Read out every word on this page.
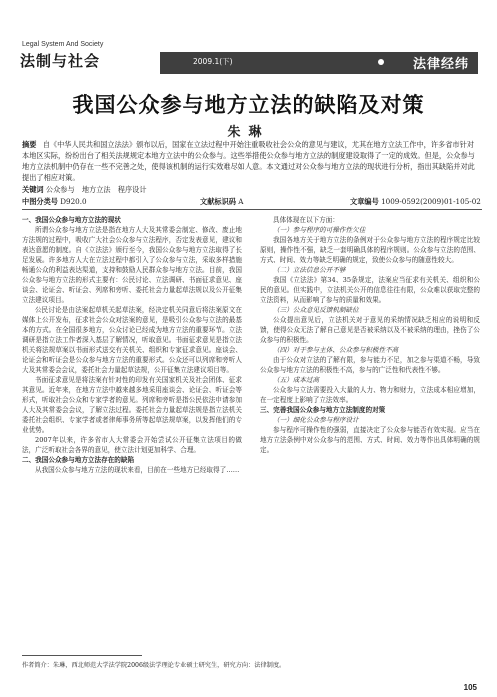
Legal System And Society
法制与社会	2009.1(下)	法律经纬
我国公众参与地方立法的缺陷及对策
朱琳
摘要 自《中华人民共和国立法法》颁布以后，国家在立法过程中开始注重吸收社会公众的意见与建议，尤其在地方立法工作中，许多省市针对本地区实际，纷纷出台了相关法规规定本地方立法中的公众参与。这些举措使公众参与地方立法的制度建设取得了一定的成效。但是，公众参与地方立法机制中仍存在一些不完善之处，使得该机制的运行实效难尽如人意。本文通过对公众参与地方立法的现状进行分析，指出其缺陷并对此提出了相应对策。
关键词 公众参与　地方立法　程序设计
中图分类号 D920.0	文献标识码 A	文章编号 1009-0592(2009)01-105-02

一、我国公众参与地方立法的现状

所谓公众参与地方立法是指在地方人大及其常委会制定、修改、废止地方法规的过程中，吸收广大社会公众参与立法程序，否定发表意见，建议和表达意愿的制度。自《立法法》颁行至今，我国公众参与地方立法取得了长足发展。许多地方人大在立法过程中都引入了公众参与立法，采取多样措施畅通公众的利益表达渠道，支持和鼓励人民群众参与地方立法。目前，我国公众参与地方立法的形式主要有：公民讨论、立法调研、书面征求意见、座谈会、论证会、听证会、列席和旁听、委托社会力量起草法规以及公开征集立法建议项目。

公民讨论是由法案起草机关起草法案，经决定机关同意后将法案原文在媒体上公开发布，征求社会公众对法案的意见，是吸引公众参与立法的最基本的方式。在全国很多地方，公众讨论已经成为地方立法的重要环节。立法调研是指立法工作者深入基层了解情况，听取意见。书面征求意见是指立法机关将法规草案以书面形式送交有关机关、组织和专家征求意见。座谈会、论证会和听证会是公众参与地方立法的重要形式。公众还可以列席和旁听人大及其常委会会议，委托社会力量起草法规，公开征集立法建议项目等。

书面征求意见是将法案有针对性的印发有关国家机关及社会团体、征求其意见。近年来，在地方立法中越来越多地采用座谈会、论证会、听证会等形式，听取社会公众和专家学者的意见。列席和旁听是指公民依法申请参加人大及其常委会会议，了解立法过程。委托社会力量起草法规是指立法机关委托社会组织、专家学者或者律师事务所等起草法规草案，以发挥他们的专业优势。

2007年以来，许多省市人大常委会开始尝试公开征集立法项目的做法，广泛听取社会各界的意见，使立法计划更加科学、合理。

二、我国公众参与地方立法存在的缺陷

从我国公众参与地方立法的现状来看，目前在一些地方已经取得了……

具体体现在以下方面：

（一）参与程序的可操作性欠佳

我国各地方关于地方立法的条例对于公众参与地方立法的程序规定比较原则，操作性不强，缺乏一套明确具体的程序规则。公众参与立法的范围、方式、时间、效力等缺乏明确的规定，致使公众参与的随意性较大。

（二）立法信息公开不够

我国《立法法》第34、35条规定，法案应当征求有关机关、组织和公民的意见。但实践中，立法机关公开的信息往往有限，公众难以获取完整的立法资料，从而影响了参与的质量和效果。

（三）公众意见反馈机制缺位

公众提出意见后，立法机关对于意见的采纳情况缺乏相应的说明和反馈，使得公众无法了解自己意见是否被采纳以及不被采纳的理由，挫伤了公众参与的积极性。

（四）对于参与主体、公众参与积极性不高

由于公众对立法的了解有限，参与能力不足，加之参与渠道不畅，导致公众参与地方立法的积极性不高，参与的广泛性和代表性不够。

（五）成本过高

公众参与立法需要投入大量的人力、物力和财力，立法成本相应增加，在一定程度上影响了立法效率。

三、完善我国公众参与地方立法制度的对策

（一）细化公众参与程序设计

参与程序可操作性的强弱，直接决定了公众参与能否有效实现。应当在地方立法条例中对公众参与的范围、方式、时间、效力等作出具体明确的规定。

作者简介：朱琳，西北师范大学法学院2006级法学理论专业硕士研究生，研究方向：法律制度。
105
